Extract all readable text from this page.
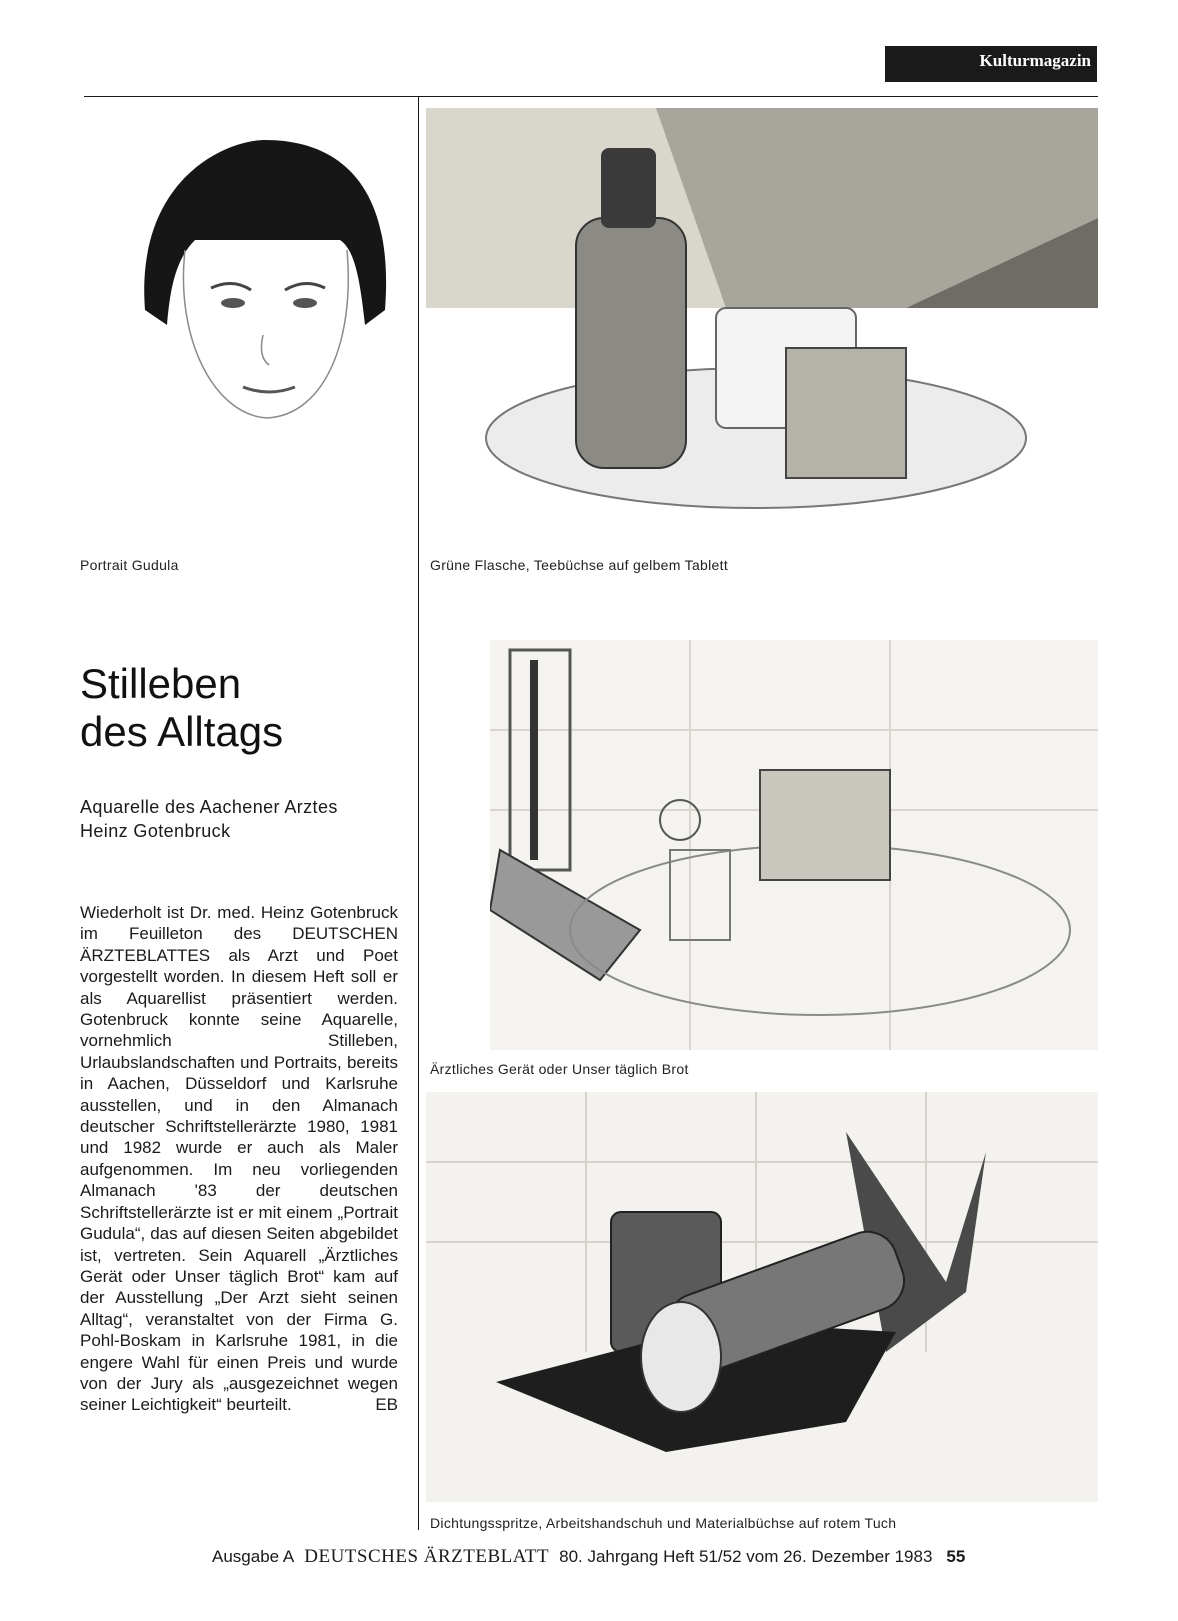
Kulturmagazin
Portrait Gudula	Grüne Flasche, Teebüchse auf gelbem Tablett
Ärztliches Gerät oder Unser täglich Brot
Dichtungsspritze, Arbeitshandschuh und Materialbüchse auf rotem Tuch
Stilleben
des Alltags
Aquarelle des Aachener Arztes
Heinz Gotenbruck
Wiederholt ist Dr. med. Heinz Gotenbruck im Feuilleton des DEUTSCHEN ÄRZTEBLATTES als Arzt und Poet vorgestellt worden. In diesem Heft soll er als Aquarellist präsentiert werden. Gotenbruck konnte seine Aquarelle, vornehmlich Stilleben, Urlaubslandschaften und Portraits, bereits in Aachen, Düsseldorf und Karlsruhe ausstellen, und in den Almanach deutscher Schriftstellerärzte 1980, 1981 und 1982 wurde er auch als Maler aufgenommen. Im neu vorliegenden Almanach '83 der deutschen Schriftstellerärzte ist er mit einem „Portrait Gudula“, das auf diesen Seiten abgebildet ist, vertreten. Sein Aquarell „Ärztliches Gerät oder Unser täglich Brot“ kam auf der Ausstellung „Der Arzt sieht seinen Alltag“, veranstaltet von der Firma G. Pohl-Boskam in Karlsruhe 1981, in die engere Wahl für einen Preis und wurde von der Jury als „ausgezeichnet wegen seiner Leichtigkeit“ beurteilt.	EB
Ausgabe A DEUTSCHES ÄRZTEBLATT 80. Jahrgang Heft 51/52 vom 26. Dezember 1983 55
